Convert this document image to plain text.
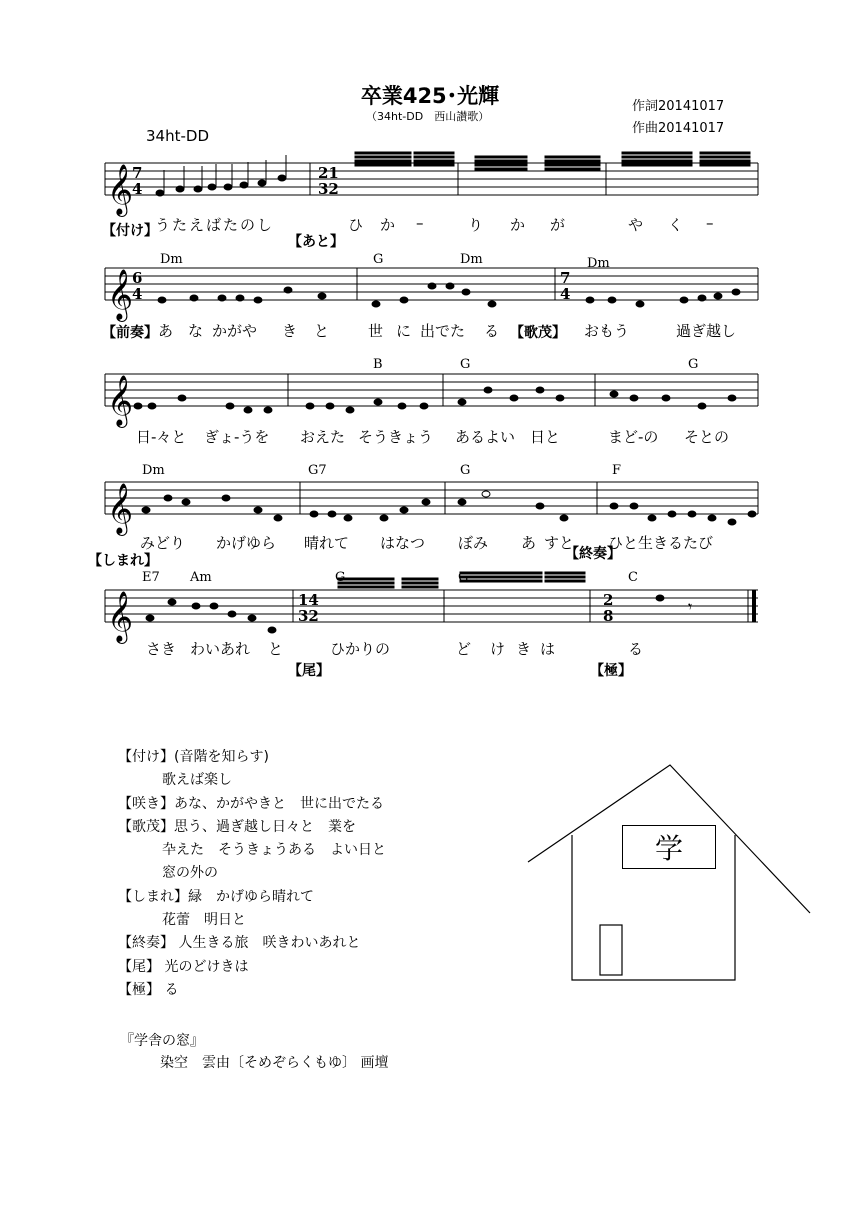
卒業425･光輝
（34ht-DD　西山讃歌）
作詞20141017
作曲20141017
34ht-DD
𝄞
𝄞
𝄞
𝄞
𝄞
7
4
21
32
6
4
7
4
14
32
2
8	𝄾
【付け】
【あと】
うたえばたのし	ひ か –	り か が	や く –
Dm	G	Dm	Dm
【前奏】 あ な かがや き と	世 に 出でた る 【歌茂】 おもう	過ぎ越し
B	G	G
日-々と ぎょ-うを おえた そうきょう あるよい 日と	まど-の そとの
Dm	G7	G	F
みどり かげゆら 晴れて はなつ ぼみ あ すと ひと生きるたび
【しまれ】	【終奏】
E7 Am	G	G	C
さき わいあれ と	ひかりの	ど け き は	る
【尾】	【極】
【付け】(音階を知らす)
歌えば楽し
【咲き】あな、かがやきと　世に出でたる
【歌茂】思う、過ぎ越し日々と　業を
卆えた　そうきょうある　よい日と
窓の外の
【しまれ】緑　かげゆら晴れて
花蕾　明日と
【終奏】 人生きる旅　咲きわいあれと
【尾】 光のどけきは
【極】 る
『学舎の窓』
染空　雲由〔そめぞらくもゆ〕 画壇
学
